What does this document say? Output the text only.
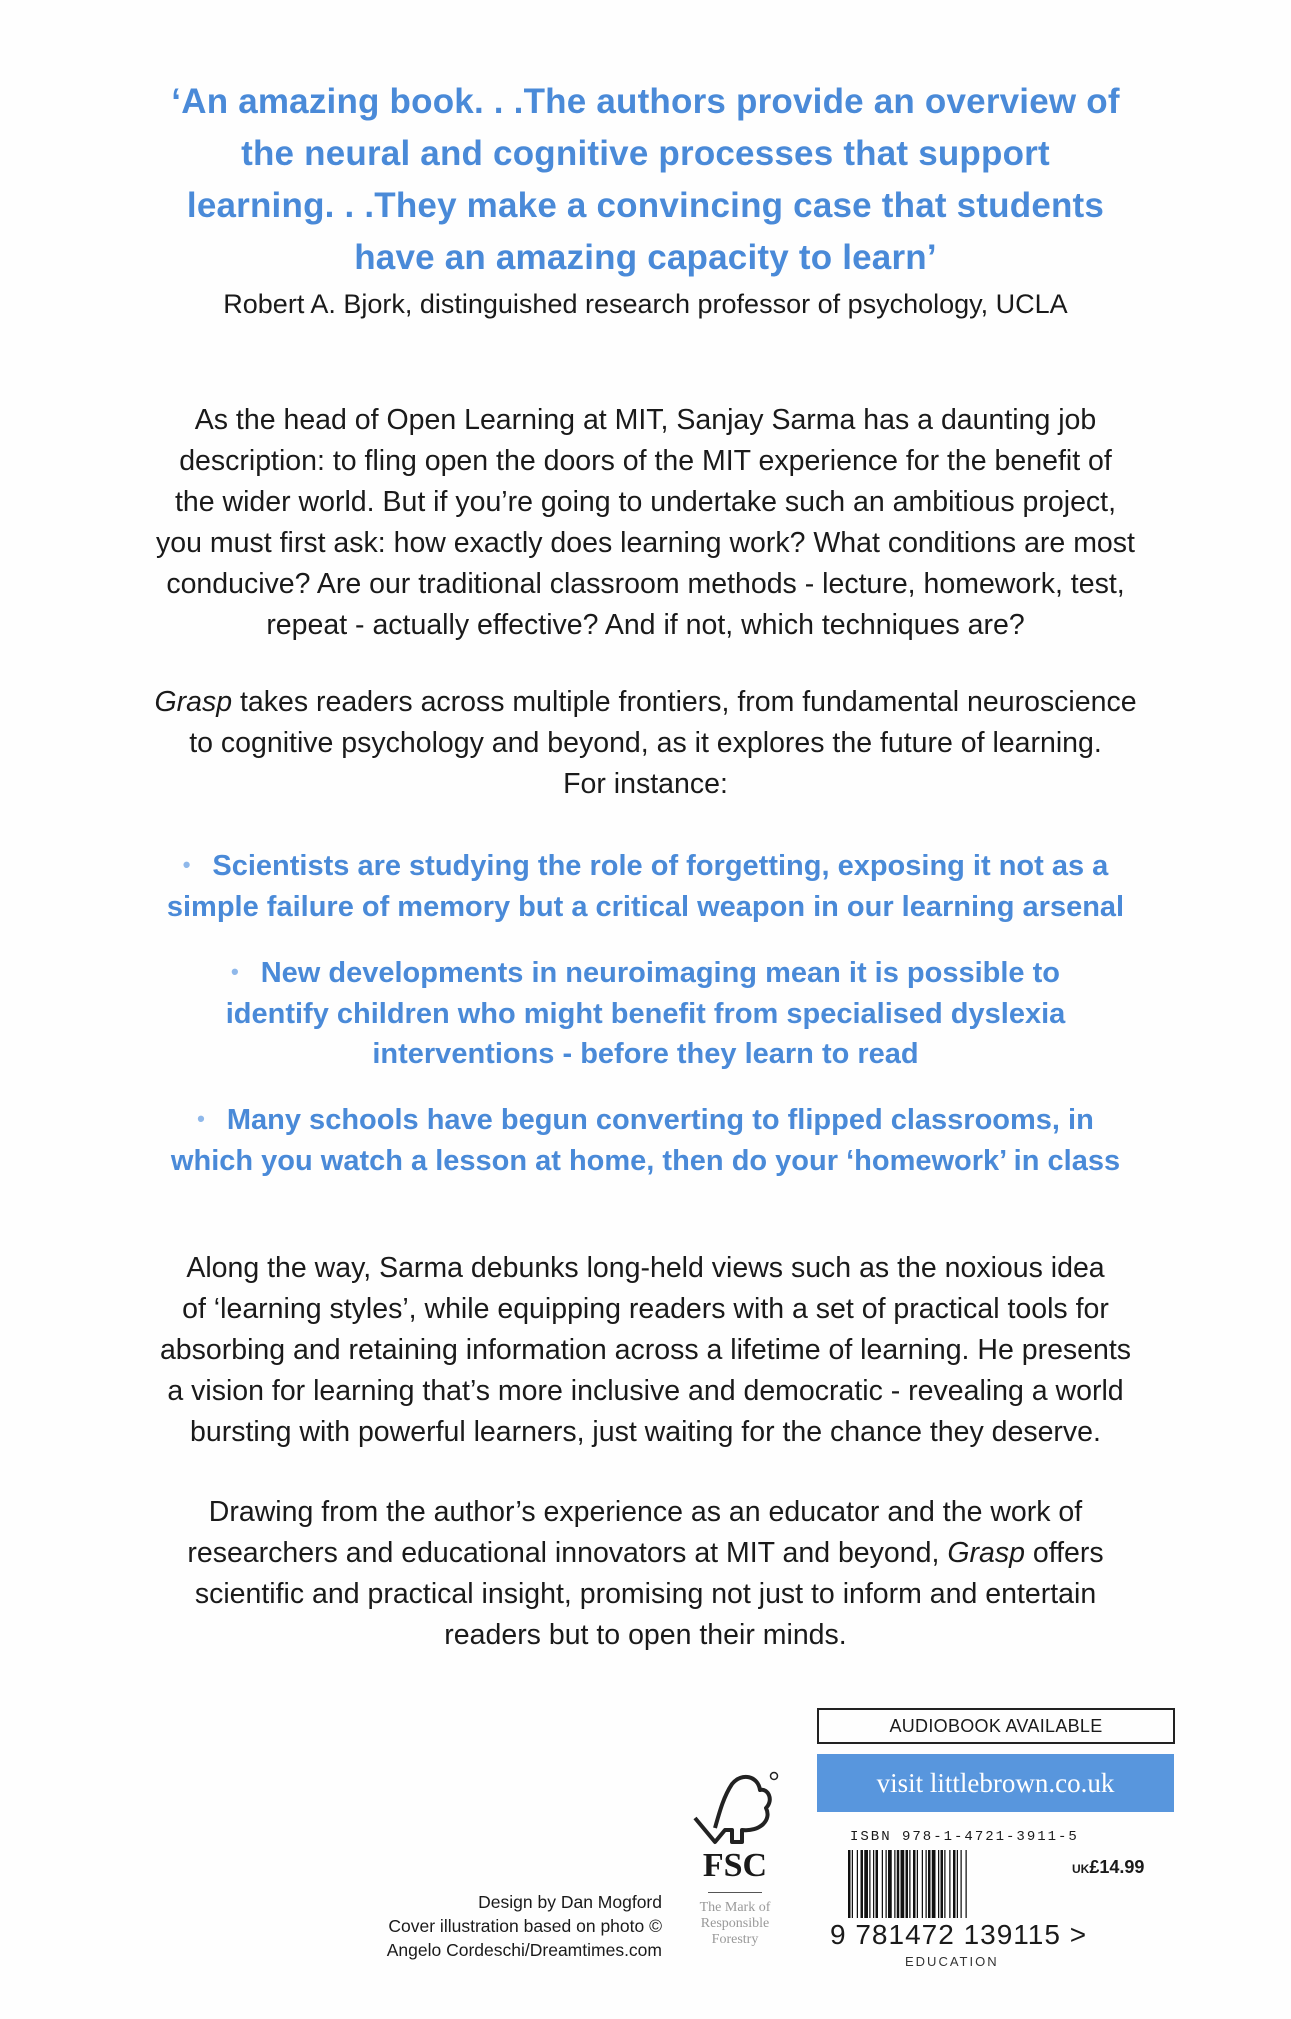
‘An amazing book. . .The authors provide an overview of
the neural and cognitive processes that support
learning. . .They make a convincing case that students
have an amazing capacity to learn’
Robert A. Bjork, distinguished research professor of psychology, UCLA
As the head of Open Learning at MIT, Sanjay Sarma has a daunting job
description: to fling open the doors of the MIT experience for the benefit of
the wider world. But if you’re going to undertake such an ambitious project,
you must first ask: how exactly does learning work? What conditions are most
conducive? Are our traditional classroom methods - lecture, homework, test,
repeat - actually effective? And if not, which techniques are?
Grasp takes readers across multiple frontiers, from fundamental neuroscience
to cognitive psychology and beyond, as it explores the future of learning.
For instance:
• Scientists are studying the role of forgetting, exposing it not as a
simple failure of memory but a critical weapon in our learning arsenal
• New developments in neuroimaging mean it is possible to
identify children who might benefit from specialised dyslexia
interventions - before they learn to read
• Many schools have begun converting to flipped classrooms, in
which you watch a lesson at home, then do your ‘homework’ in class
Along the way, Sarma debunks long-held views such as the noxious idea
of ‘learning styles’, while equipping readers with a set of practical tools for
absorbing and retaining information across a lifetime of learning. He presents
a vision for learning that’s more inclusive and democratic - revealing a world
bursting with powerful learners, just waiting for the chance they deserve.
Drawing from the author’s experience as an educator and the work of
researchers and educational innovators at MIT and beyond, Grasp offers
scientific and practical insight, promising not just to inform and entertain
readers but to open their minds.
Design by Dan Mogford
Cover illustration based on photo ©
Angelo Cordeschi/Dreamtimes.com
FSC
The Mark of
Responsible
Forestry
AUDIOBOOK AVAILABLE
visit littlebrown.co.uk
ISBN 978-1-4721-3911-5
UK£14.99
9 781472 139115 >
EDUCATION
